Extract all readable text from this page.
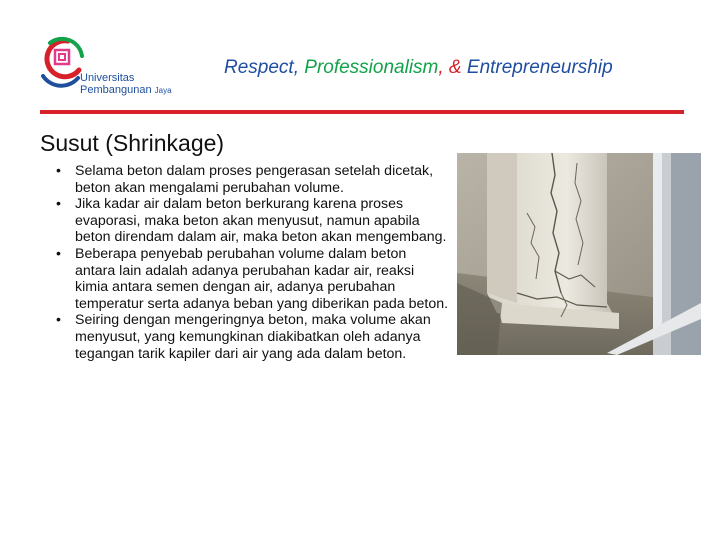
Universitas
Pembangunan Jaya
Respect, Professionalism, & Entrepreneurship
Susut (Shrinkage)
• Selama beton dalam proses pengerasan setelah dicetak, beton akan mengalami perubahan volume.
• Jika kadar air dalam beton berkurang karena proses evaporasi, maka beton akan menyusut, namun apabila beton direndam dalam air, maka beton akan mengembang.
• Beberapa penyebab perubahan volume dalam beton antara lain adalah adanya perubahan kadar air, reaksi kimia antara semen dengan air, adanya perubahan temperatur serta adanya beban yang diberikan pada beton.
• Seiring dengan mengeringnya beton, maka volume akan menyusut, yang kemungkinan diakibatkan oleh adanya tegangan tarik kapiler dari air yang ada dalam beton.
